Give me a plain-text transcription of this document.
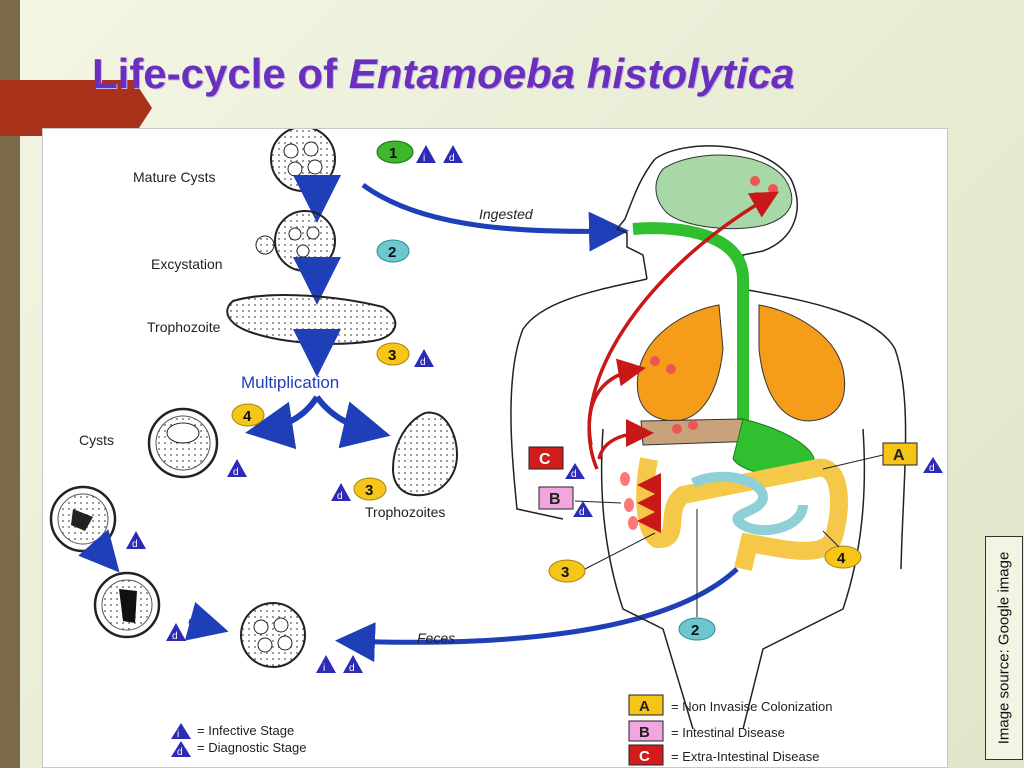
Life-cycle of Entamoeba histolytica
Mature Cysts
1	i d
Excystation
2
Trophozoite
3 d
Multiplication
4
Cysts
d
d 3
Trophozoites
d
d
i d
Ingested
Feces
C
d
B
d
A
d
3
4
2
i = Infective Stage
d = Diagnostic Stage
A = Non Invasise Colonization
B = Intestinal Disease
C = Extra-Intestinal Disease
Image source: Google image
